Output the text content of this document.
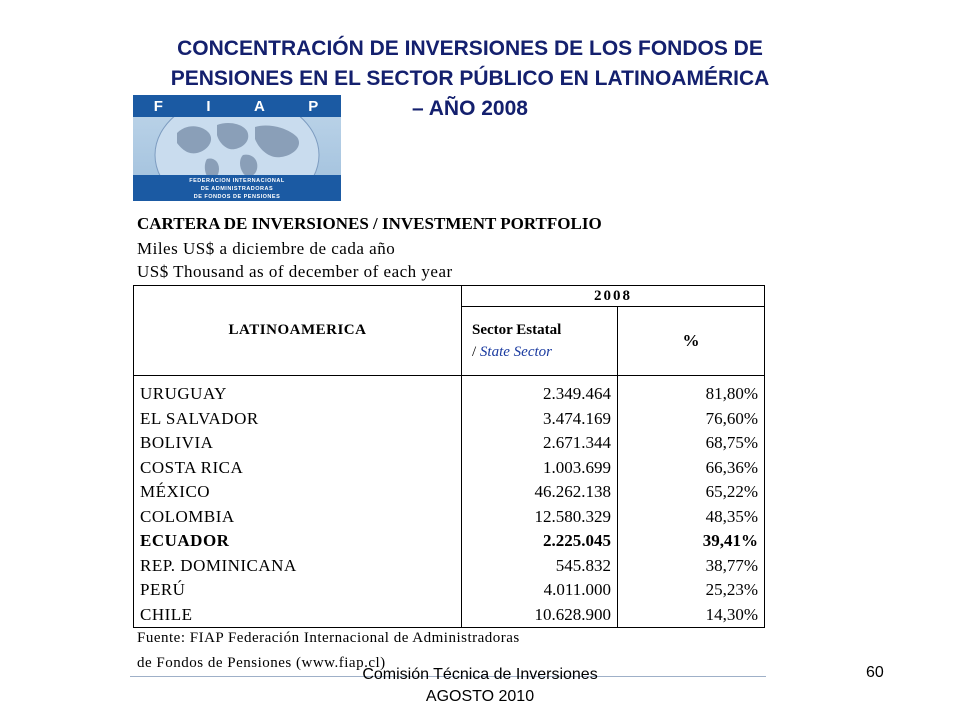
CONCENTRACIÓN DE INVERSIONES DE LOS FONDOS DE
PENSIONES EN EL SECTOR PÚBLICO EN LATINOAMÉRICA
– AÑO 2008
F	I	A	P
FEDERACION INTERNACIONAL
DE ADMINISTRADORAS
DE FONDOS DE PENSIONES
CARTERA DE INVERSIONES / INVESTMENT PORTFOLIO
Miles US$ a diciembre de cada año
US$ Thousand as of december of each year
LATINOAMERICA	2008	

	Sector Estatal
/ State Sector	%
URUGUAY	2.349.464	81,80%
EL SALVADOR	3.474.169	76,60%
BOLIVIA	2.671.344	68,75%
COSTA RICA	1.003.699	66,36%
MÉXICO	46.262.138	65,22%
COLOMBIA	12.580.329	48,35%
ECUADOR	2.225.045	39,41%
REP. DOMINICANA	545.832	38,77%
PERÚ	4.011.000	25,23%
CHILE	10.628.900	14,30%
Fuente: FIAP Federación Internacional de Administradoras
de Fondos de Pensiones (www.fiap.cl)
Comisión Técnica de Inversiones
AGOSTO 2010
60
